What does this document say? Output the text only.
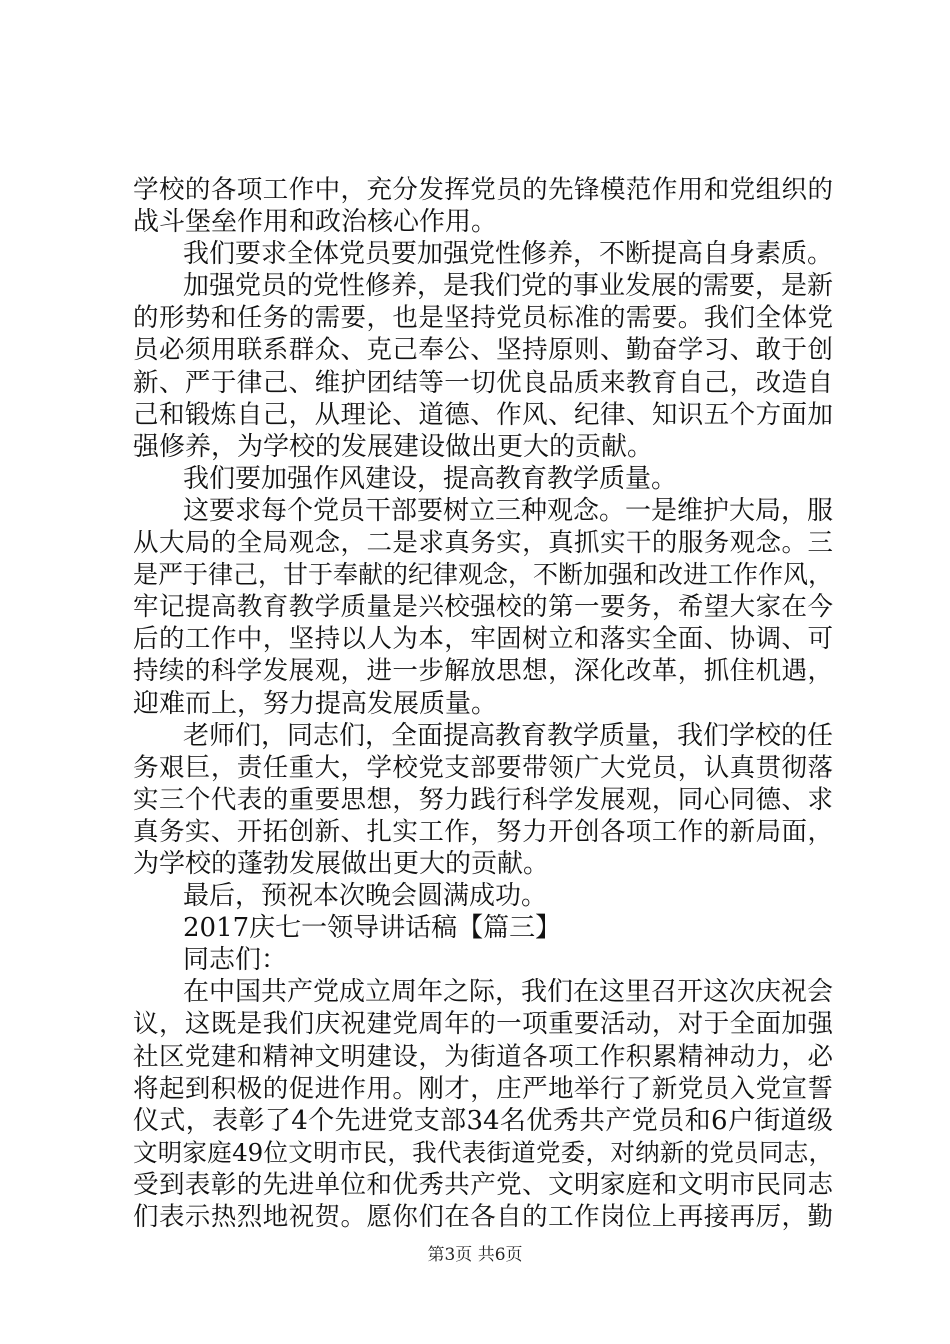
学校的各项工作中，充分发挥党员的先锋模范作用和党组织的
战斗堡垒作用和政治核心作用。
我们要求全体党员要加强党性修养，不断提高自身素质。
加强党员的党性修养，是我们党的事业发展的需要，是新
的形势和任务的需要，也是坚持党员标准的需要。我们全体党
员必须用联系群众、克己奉公、坚持原则、勤奋学习、敢于创
新、严于律己、维护团结等一切优良品质来教育自己，改造自
己和锻炼自己，从理论、道德、作风、纪律、知识五个方面加
强修养，为学校的发展建设做出更大的贡献。
我们要加强作风建设，提高教育教学质量。
这要求每个党员干部要树立三种观念。一是维护大局，服
从大局的全局观念，二是求真务实，真抓实干的服务观念。三
是严于律己，甘于奉献的纪律观念，不断加强和改进工作作风，
牢记提高教育教学质量是兴校强校的第一要务，希望大家在今
后的工作中，坚持以人为本，牢固树立和落实全面、协调、可
持续的科学发展观，进一步解放思想，深化改革，抓住机遇，
迎难而上，努力提高发展质量。
老师们，同志们，全面提高教育教学质量，我们学校的任
务艰巨，责任重大，学校党支部要带领广大党员，认真贯彻落
实三个代表的重要思想，努力践行科学发展观，同心同德、求
真务实、开拓创新、扎实工作，努力开创各项工作的新局面，
为学校的蓬勃发展做出更大的贡献。
最后，预祝本次晚会圆满成功。
2017庆七一领导讲话稿【篇三】
同志们：
在中国共产党成立周年之际，我们在这里召开这次庆祝会
议，这既是我们庆祝建党周年的一项重要活动，对于全面加强
社区党建和精神文明建设，为街道各项工作积累精神动力，必
将起到积极的促进作用。刚才，庄严地举行了新党员入党宣誓
仪式，表彰了4个先进党支部34名优秀共产党员和6户街道级
文明家庭49位文明市民，我代表街道党委，对纳新的党员同志，
受到表彰的先进单位和优秀共产党、文明家庭和文明市民同志
们表示热烈地祝贺。愿你们在各自的工作岗位上再接再厉，勤
第3页 共6页
